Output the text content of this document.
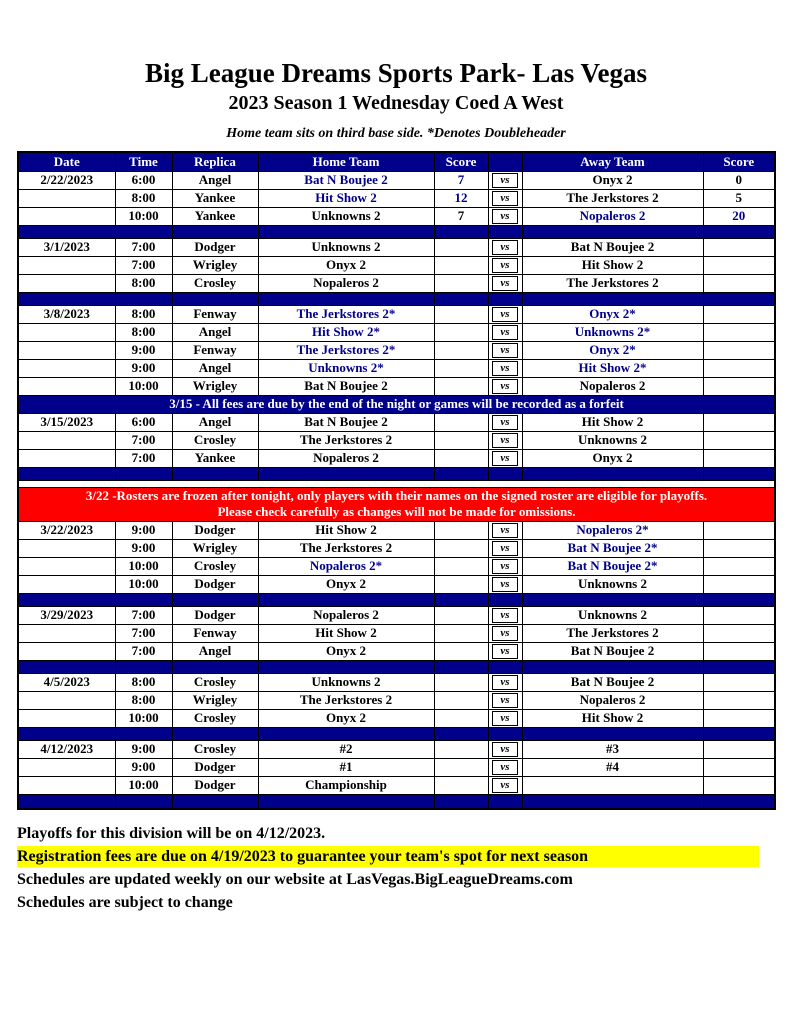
Big League Dreams Sports Park- Las Vegas
2023 Season 1 Wednesday Coed A West
Home team sits on third base side. *Denotes Doubleheader
Date	Time	Replica	Home Team	Score		Away Team	Score
2/22/2023	6:00	Angel	Bat N Boujee 2	7	vs	Onyx 2	0
	8:00	Yankee	Hit Show 2	12	vs	The Jerkstores 2	5
	10:00	Yankee	Unknowns 2	7	vs	Nopaleros 2	20

3/1/2023	7:00	Dodger	Unknowns 2		vs	Bat N Boujee 2	
	7:00	Wrigley	Onyx 2		vs	Hit Show 2	
	8:00	Crosley	Nopaleros 2		vs	The Jerkstores 2	

3/8/2023	8:00	Fenway	The Jerkstores 2*		vs	Onyx 2*	
	8:00	Angel	Hit Show 2*		vs	Unknowns 2*	
	9:00	Fenway	The Jerkstores 2*		vs	Onyx 2*	
	9:00	Angel	Unknowns 2*		vs	Hit Show 2*	
	10:00	Wrigley	Bat N Boujee 2		vs	Nopaleros 2	
3/15 - All fees are due by the end of the night or games will be recorded as a forfeit							
3/15/2023	6:00	Angel	Bat N Boujee 2		vs	Hit Show 2	
	7:00	Crosley	The Jerkstores 2		vs	Unknowns 2	
	7:00	Yankee	Nopaleros 2		vs	Onyx 2	

3/22 -Rosters are frozen after tonight, only players with their names on the signed roster are eligible for playoffs.
Please check carefully as changes will not be made for omissions.							

3/22/2023	9:00	Dodger	Hit Show 2		vs	Nopaleros 2*	
	9:00	Wrigley	The Jerkstores 2		vs	Bat N Boujee 2*	
	10:00	Crosley	Nopaleros 2*		vs	Bat N Boujee 2*	
	10:00	Dodger	Onyx 2		vs	Unknowns 2	

3/29/2023	7:00	Dodger	Nopaleros 2		vs	Unknowns 2	
	7:00	Fenway	Hit Show 2		vs	The Jerkstores 2	
	7:00	Angel	Onyx 2		vs	Bat N Boujee 2	

4/5/2023	8:00	Crosley	Unknowns 2		vs	Bat N Boujee 2	
	8:00	Wrigley	The Jerkstores 2		vs	Nopaleros 2	
	10:00	Crosley	Onyx 2		vs	Hit Show 2	

4/12/2023	9:00	Crosley	#2		vs	#3	
	9:00	Dodger	#1		vs	#4	
	10:00	Dodger	Championship		vs		

Playoffs for this division will be on 4/12/2023.
Registration fees are due on 4/19/2023 to guarantee your team's spot for next season
Schedules are updated weekly on our website at LasVegas.BigLeagueDreams.com
Schedules are subject to change
